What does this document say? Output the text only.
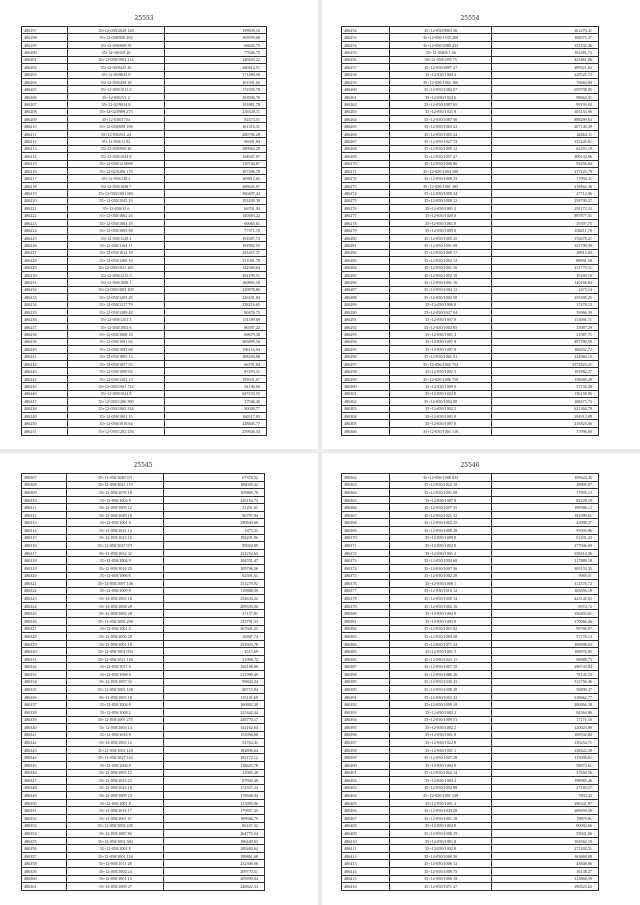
25553
486197	35+12-050/2028 128	199839,10
486198	35+12-050/950 204	165959,06
486199	35+12-050/008 59	68826,75
486200	35+12+06/5/9 20	77646,75
486201	35+12-050/1002 114	140453,22
486202	35+12-04/9425 26	160414,51
486203	35+12-05/8642 8	171489,59
486204	35+12-050/458 18	161591,02
486205	35+12-050/1013 3	172350,78
486206	35+12-050/5/1 2	283936,79
486207	35+12-02/9024 8	191881,78
486208	35+12-02/0909 275	236520,11
486209	35+12-058/1734	82473,51
486210	35+12-050/008 198	161316,31
486211	35+12-050/0/1 24	280796,28
486212	35+12-050/11 82	66301,84
486213	35+12-050/950 20	280964,20
486214	35+12-050/1024 8	164947,07
486215	35+12-050/12 0008	139744,87
486216	35+12-02/0206 179	287206,78
486217	35+12-050/128 2	109812,82
486218	35+12-050/1028 7	286645,07
486219	35+12-050/1001 605	160497,44
486220	35+12-050/1045 19	193109,38
486221	35+12-050/15 6	66701,94
486222	35+12-050/1662 24	140483,22
486223	35+12-050/1004 18	69065,61
486224	35+12-050/1005 58	77371,10
486225	35+12-050/1128 2	191687,73
486226	35+12-050/1164 11	182992,55
486227	35+12-050/1012 18	281457,37
486228	35+12-050/1206 10	131081,79
486229	35+12-050/1021 265	142369,64
486230	35+12-050/1215 3	292199,51
486231	35+12-050/1006 1	160803,18
486232	35+12-050/1003 109	229878,86
486233	35+12-050/1203 29	226101,84
486234	35+12-050/1217 79	238216,65
486235	35+12-050/1209 48	90476,75
486236	35+12-050/1201 3	151189,69
486237	35+12-050/1002 6	86597,22
486238	35+12-050/1008 18	69679,38
486239	35+12-050/1001 04	285899,56
486240	35+12-050/1082 68	106116,94
486241	35+12-050/1005 13	288200,88
486242	35+12-050/1057 53	66701,84
486243	35+12-050/1009 02	87293,31
486244	35+12-050/1202 13	195931,67
486245	35+12-050/1001 724	81146,60
486246	35+12-050/1024 8	647233,55
486247	35+12-050/1206 390	37946,46
486248	35+12-050/1062 334	20048,77
486249	35+12-050/1001 15	166517,83
486250	35+12-050/1016 64	228845,77
486251	35+12-050/1202 236	259926,54
25554
486252	35+12-050/9003 36	261270,41
486253	35+12-050/1935 208	168075,47
486254	35+12-050/2089 232	235432,26
486255	35+12-050/0/1 26	102381,73
486256	35+12-050/1/09 75	425461,86
486257	35+12-050/2097 27	209521,62
486258	35+12-050/1004 2	228525,72
486259	35+12-050/1002 166	76664,84
486260	35+12-050/1084 07	659798,85
486261	35+12-050/1024 6	98664,31
486262	35+12-050/1087 65	99193,92
486263	35+12-050/1021 8	103153,96
486264	35+12-050/1087 56	898299,63
486265	35+12-050/1063 32	207140,39
486266	35+12-050/1005 24	44664,11
486267	35+12-050/1027 74	235245,61
486268	35+12-050/1009 12	62455,19
486269	35+12-050/1057 47	300132,96
486270	35+12-050/1006 86	95456,64
486271	35+12-050/1004 108	217225,79
486272	35+12-050/1009 23	17994,31
486273	35+12-050/1001 185	218462,36
486274	35+12-050/1008 34	47712,96
486275	35+12-050/1009 12	258799,27
486276	35+12-050/1001 2	291172,33
486277	35+12-050/1020 8	897877,31
486278	35+12-050/1081 8	39397,75
486279	35+12-050/1009 8	104211,76
486280	35+12-050/1005 25	576678,21
486281	35+12-050/1001 08	225709,39
486282	35+12-050/1009 17	28915,83
486283	35+12-050/1002 12	88991,58
486284	35+12-050/1001 16	211779,31
486285	35+12-050/1002 18	39169,10
486286	35+12-050/1001 16	140168,84
486287	35+12-050/1004 12	2473,14
486288	35+12-050/1002 58	255395,25
486289	35+12-050/1006 8	37478,13
486290	35+12-050/1027 04	39966,39
486291	35+12-050/1007 8	153091,71
486292	35+12-050/1002 85	15987,29
486293	35+12-050/1001 4	31087,71
486294	35+12-050/1007 8	497780,59
486295	35+12-050/1007 8	168452,72
486296	35+12-050/1001 91	224984,15
486297	35+12-050/1002 754	3572823,21
486298	35+12-050/1002 3	101882,27
486299	35+12-050/1006 758	158069,29
486300	35+12-050/1009 8	57156,58
486301	35+12-050/1022 8	156158,86
486302	35+12-050/1002 08	168473,73
486303	35+12-050/1002 2	621364,79
486304	35+12-050/1001 8	184913,89
486305	35+12-050/1007 8	216825,36
486306	35+12-050/1001 118	17996,60
25545
486307	35+12-050/1020 371	67378,52
486308	35+12-050/1021 119	106059,42
486309	35+12-050/1078 18	109869,70
486310	35+12-050/1004 8	246154,73
486311	35+12-050/1005 12	31291,61
486312	35+12-050/1049 18	96797,04
486313	35+12-050/1001 8	290640,68
486314	35+12-050/1021 12	1873,31
486315	35+12-050/1023 16	194201,86
486316	35+12-050/1027 071	99024,09
486317	35+12-050/1032 32	241252,63
486318	35+12-050/1004 9	104701,47
486319	35+12-050/1016 25	109796,26
486320	35+12-050/1006 6	62391,61
486321	35+12-050/1007 146	251279,92
486322	35+12-050/1009 8	110888,39
486323	35+12-050/1003 18	254634,22
486324	35+12-050/1008 28	209350,06
486325	35+12-050/1002 28	37137,81
486326	35+12-050/1005 290	125791,33
486327	35+12-050/1001 2	367941,25
486328	35+12-050/1006 28	16947,74
486329	35+12-050/1001 18	252923,78
486330	35+12-050/1001 034	4515,69
486331	35+12-050/1021 128	31998,72
486332	35+12-050/1071 8	156108,68
486333	35+12-050/1098 8	231990,49
486334	35+12-050/1097 32	99844,24
486335	35+12-050/1001 126	98715,84
486336	35+12-050/1005 18	115141,69
486337	35+12-050/1004 8	160692,48
486338	35+12-050/1008 2	225442,44
486339	35+12-050/1001 275	248770,17
486340	35+12-050/1003 14	142162,64
486341	35+12-050/1016 8	153956,68
486342	35+12-050/1003 12	52764,41
486343	35+12-050/1001 118	182896,64
486344	35+12-050/1027 162	182172,12
486345	35+12-050/1008 8	138653,78
486346	35+12-050/1005 12	22985,40
486347	35+12-050/1023 23	87940,40
486348	35+12-050/1024 18	172357,24
486349	35+12-050/1009 23	178648,94
486350	35+12-050/1001 8	123095,96
486351	35+12-050/1018 17	179857,25
486352	35+12-050/1001 67	189946,79
486353	35+12-050/1002 249	86167,32
486354	35+12-050/1087 82	264775,54
486355	35+12-050/1001 384	196449,63
486356	35+12-050/1001 8	189260,64
486357	35+12-050/1001 118	199861,68
486358	35+12-050/1011 28	232309,06
486359	35+12-050/1002 24	209770,51
486360	35+12-050/1001 15	205690,04
486361	35+12-050/1009 27	246622,33
25546
486362	35+12-050/1008 032	109624,45
486363	35+12-050/1022 18	28905,07
486364	35+12-050/1001 08	17995,13
486365	35+12-050/1007 8	82228,19
486366	35+12-050/1007 35	199586,12
486367	35+12-050/1021 12	181099,61
486368	35+12-050/1002 25	43998,37
486369	35+12-050/1008 28	95005,86
486370	35+12-050/1009 8	61201,23
486371	35+12-050/1002 8	277946,09
486372	35+12-050/1001 2	358414,56
486373	35+12-050/1004 68	217889,18
486374	35+12-050/1007 26	305133,35
486375	35+12-050/1002 28	5985,51
486376	35+12-050/1008 1	312576,72
486377	35+12-050/1016 12	165656,18
486378	35+12-050/1009 14	423145,03
486379	35+12-050/1002 16	8374,72
486380	35+12-050/1004 8	256403,91
486381	35+12-050/1003 8	270066,06
486382	35+12-050/1001 02	99766,97
486383	35+12-050/1084 28	57178,13
486384	35+12-050/1071 22	168908,02
486385	35+12-050/1001 3	168876,85
486386	35+12-050/1023 11	98888,73
486387	35+12-050/1007 10	290743,84
486388	35+12-050/1086 26	78145,53
486389	35+12-050/1040 43	312756,46
486390	35+12-050/1008 28	58899,37
486391	35+12-050/1003 32	318662,77
486392	35+12-050/1009 18	206866,38
486393	35+12-050/1002 2	94364,86
486394	35+12-050/1009 31	17171,10
486395	35+12-050/1002 2	120024,80
486396	35+12-050/1001 8	169532,82
486397	35+12-050/1022 8	136254,71
486398	35+12-050/1001 1	238422,30
486399	35+12-050/1007 28	115098,81
486400	35+12-050/1004 8	58873,61
486401	35+12-050/1022 14	37650,56
486402	35+12-050/1004 2	198985,26
486403	35+12-050/1002 98	27183,57
486404	35+12-050/1001 128	7833,42
486405	35+12-050/1001 4	290341,97
486406	35+12-050/1043 28	289659,50
486407	35+12-050/1001 18	19879,81
486408	35+12-050/1004 8	80002,66
486409	35+12-050/1006 19	55941,06
486410	35+12-050/1001 8	102562,19
486411	35+12-050/1002 8	271202,31
486412	35+12-050/1068 20	163669,08
486413	35+12-050/1006 12	45848,86
486414	35+12-050/1009 75	36138,27
486415	35+12-050/1006 18	313868,39
486416	35+12-050/1071 47	290823,62
